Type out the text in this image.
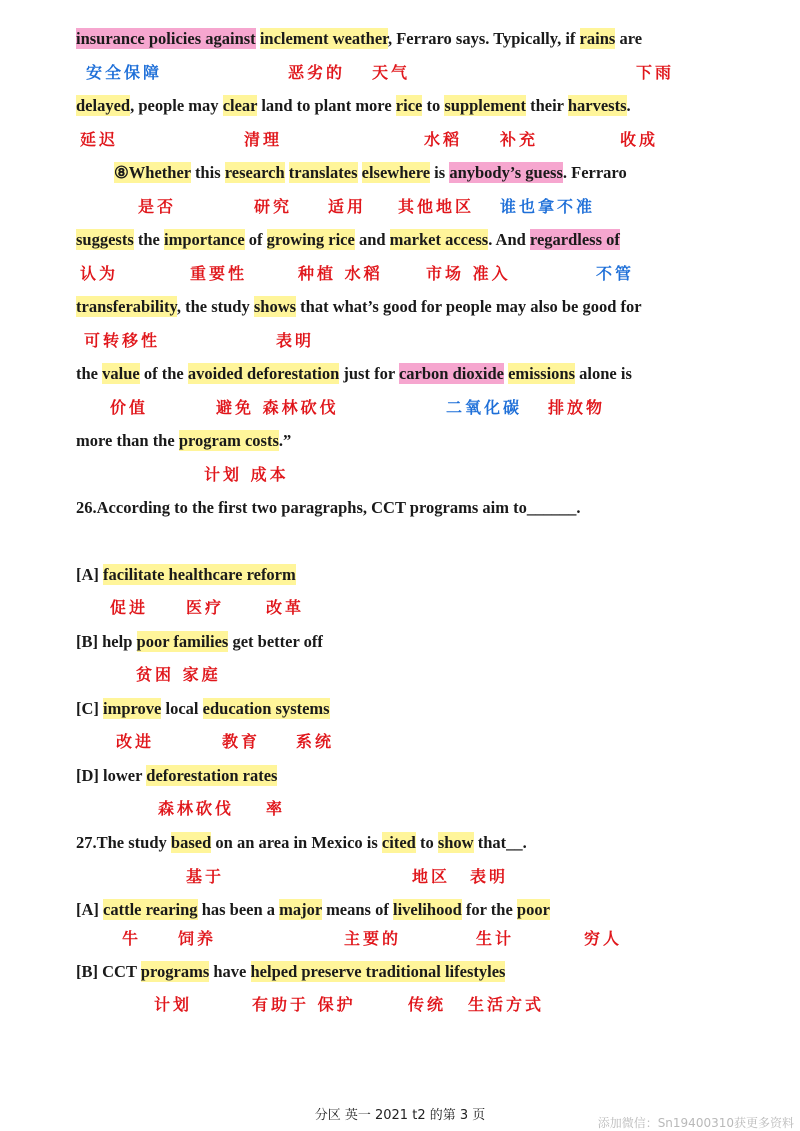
insurance policies against inclement weather, Ferraro says. Typically, if rains are
安全保障	恶劣的 天气	下雨
delayed, people may clear land to plant more rice to supplement their harvests.
延迟	清理	水稻 补充	收成
⑧Whether this research translates elsewhere is anybody’s guess. Ferraro
是否	研究 适用 其他地区 谁也拿不准
suggests the importance of growing rice and market access. And regardless of
认为	重要性	种植 水稻	市场 准入	不管
transferability, the study shows that what’s good for people may also be good for
可转移性	表明
the value of the avoided deforestation just for carbon dioxide emissions alone is
价值	避免 森林砍伐	二氧化碳 排放物
more than the program costs.”
计划 成本
26.According to the first two paragraphs, CCT programs aim to______.
[A] facilitate healthcare reform
促进 医疗	改革
[B] help poor families get better off
贫困 家庭
[C] improve local education systems
改进	教育 系统
[D] lower deforestation rates
森林砍伐 率
27.The study based on an area in Mexico is cited to show that__.
基于	地区 表明
[A] cattle rearing has been a major means of livelihood for the poor
牛 饲养	主要的	生计	穷人
[B] CCT programs have helped preserve traditional lifestyles
计划	有助于 保护	传统 生活方式
分区 英一 2021 t2 的第 3 页	添加微信：Sn19400310获更多资料
